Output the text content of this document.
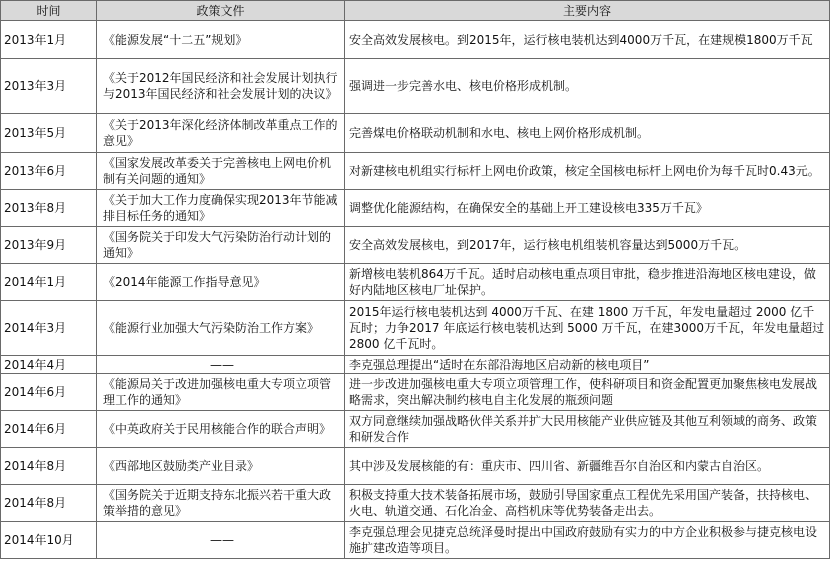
时间	政策文件	主要内容
2013年1月	《能源发展“十二五”规划》	安全高效发展核电。到2015年，运行核电装机达到4000万千瓦，在建规模1800万千瓦
2013年3月	《关于2012年国民经济和社会发展计划执行与2013年国民经济和社会发展计划的决议》	强调进一步完善水电、核电价格形成机制。
2013年5月	《关于2013年深化经济体制改革重点工作的意见》	完善煤电价格联动机制和水电、核电上网价格形成机制。
2013年6月	《国家发展改革委关于完善核电上网电价机制有关问题的通知》	对新建核电机组实行标杆上网电价政策，核定全国核电标杆上网电价为每千瓦时0.43元。
2013年8月	《关于加大工作力度确保实现2013年节能减排目标任务的通知》	调整优化能源结构，在确保安全的基础上开工建设核电335万千瓦》
2013年9月	《国务院关于印发大气污染防治行动计划的通知》	安全高效发展核电，到2017年，运行核电机组装机容量达到5000万千瓦。
2014年1月	《2014年能源工作指导意见》	新增核电装机864万千瓦。适时启动核电重点项目审批，稳步推进沿海地区核电建设，做好内陆地区核电厂址保护。
2014年3月	《能源行业加强大气污染防治工作方案》	2015年运行核电装机达到 4000万千瓦、在建 1800 万千瓦，年发电量超过 2000 亿千瓦时；力争2017 年底运行核电装机达到 5000 万千瓦，在建3000万千瓦，年发电量超过 2800 亿千瓦时。
2014年4月	——	李克强总理提出“适时在东部沿海地区启动新的核电项目”
2014年6月	《能源局关于改进加强核电重大专项立项管理工作的通知》	进一步改进加强核电重大专项立项管理工作，使科研项目和资金配置更加聚焦核电发展战略需求，突出解决制约核电自主化发展的瓶颈问题
2014年6月	《中英政府关于民用核能合作的联合声明》	双方同意继续加强战略伙伴关系并扩大民用核能产业供应链及其他互利领域的商务、政策和研发合作
2014年8月	《西部地区鼓励类产业目录》	其中涉及发展核能的有：重庆市、四川省、新疆维吾尔自治区和内蒙古自治区。
2014年8月	《国务院关于近期支持东北振兴若干重大政策举措的意见》	积极支持重大技术装备拓展市场，鼓励引导国家重点工程优先采用国产装备，扶持核电、火电、轨道交通、石化冶金、高档机床等优势装备走出去。
2014年10月	——	李克强总理会见捷克总统泽曼时提出中国政府鼓励有实力的中方企业积极参与捷克核电设施扩建改造等项目。
